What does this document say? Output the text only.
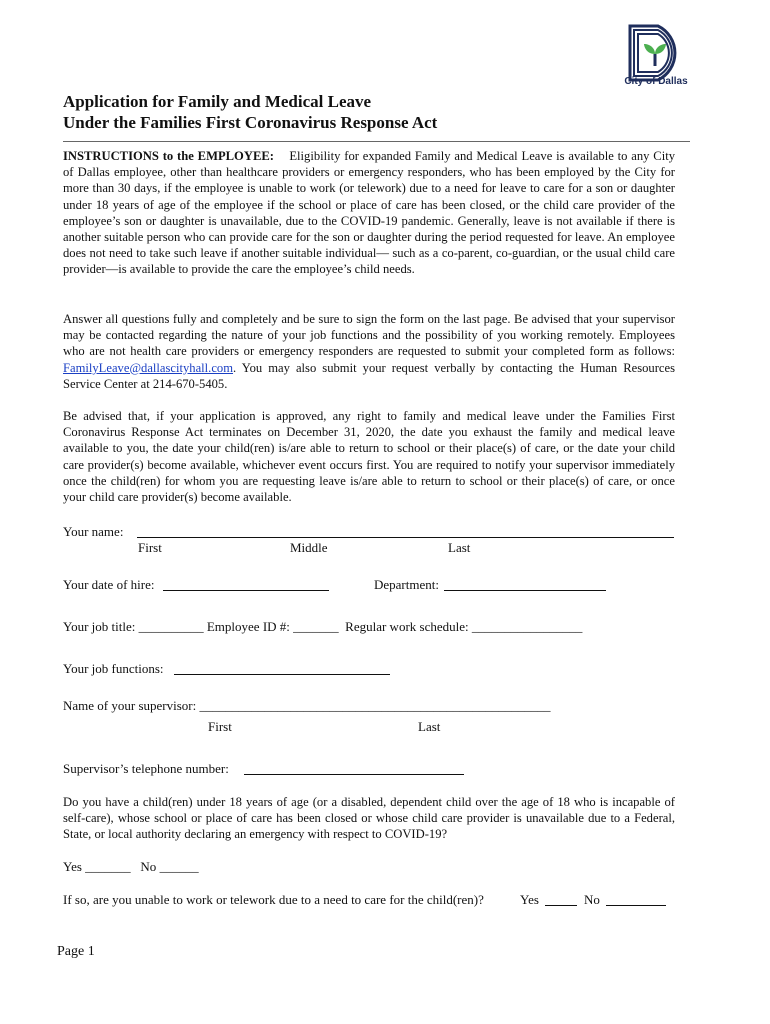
City of Dallas
Application for Family and Medical Leave
Under the Families First Coronavirus Response Act
INSTRUCTIONS to the EMPLOYEE: Eligibility for expanded Family and Medical Leave is available to any City of Dallas employee, other than healthcare providers or emergency responders, who has been employed by the City for more than 30 days, if the employee is unable to work (or telework) due to a need for leave to care for a son or daughter under 18 years of age of the employee if the school or place of care has been closed, or the child care provider of the employee’s son or daughter is unavailable, due to the COVID-19 pandemic. Generally, leave is not available if there is another suitable person who can provide care for the son or daughter during the period requested for leave. An employee does not need to take such leave if another suitable individual— such as a co-parent, co-guardian, or the usual child care provider—is available to provide the care the employee’s child needs.
Answer all questions fully and completely and be sure to sign the form on the last page. Be advised that your supervisor may be contacted regarding the nature of your job functions and the possibility of you working remotely. Employees who are not health care providers or emergency responders are requested to submit your completed form as follows: FamilyLeave@dallascityhall.com. You may also submit your request verbally by contacting the Human Resources Service Center at 214-670-5405.
Be advised that, if your application is approved, any right to family and medical leave under the Families First Coronavirus Response Act terminates on December 31, 2020, the date you exhaust the family and medical leave available to you, the date your child(ren) is/are able to return to school or their place(s) of care, or the date your child care provider(s) become available, whichever event occurs first. You are required to notify your supervisor immediately once the child(ren) for whom you are requesting leave is/are able to return to school or their place(s) of care, or once your child care provider(s) become available.
Your name:
First	Middle	Last
Your date of hire:	Department:
Your job title: __________ Employee ID #: _______ Regular work schedule: _________________
Your job functions:
Name of your supervisor: ______________________________________________________
First	Last
Supervisor’s telephone number:
Do you have a child(ren) under 18 years of age (or a disabled, dependent child over the age of 18 who is incapable of self-care), whose school or place of care has been closed or whose child care provider is unavailable due to a Federal, State, or local authority declaring an emergency with respect to COVID-19?
Yes _______ No ______
If so, are you unable to work or telework due to a need to care for the child(ren)?	Yes	No
Page 1
